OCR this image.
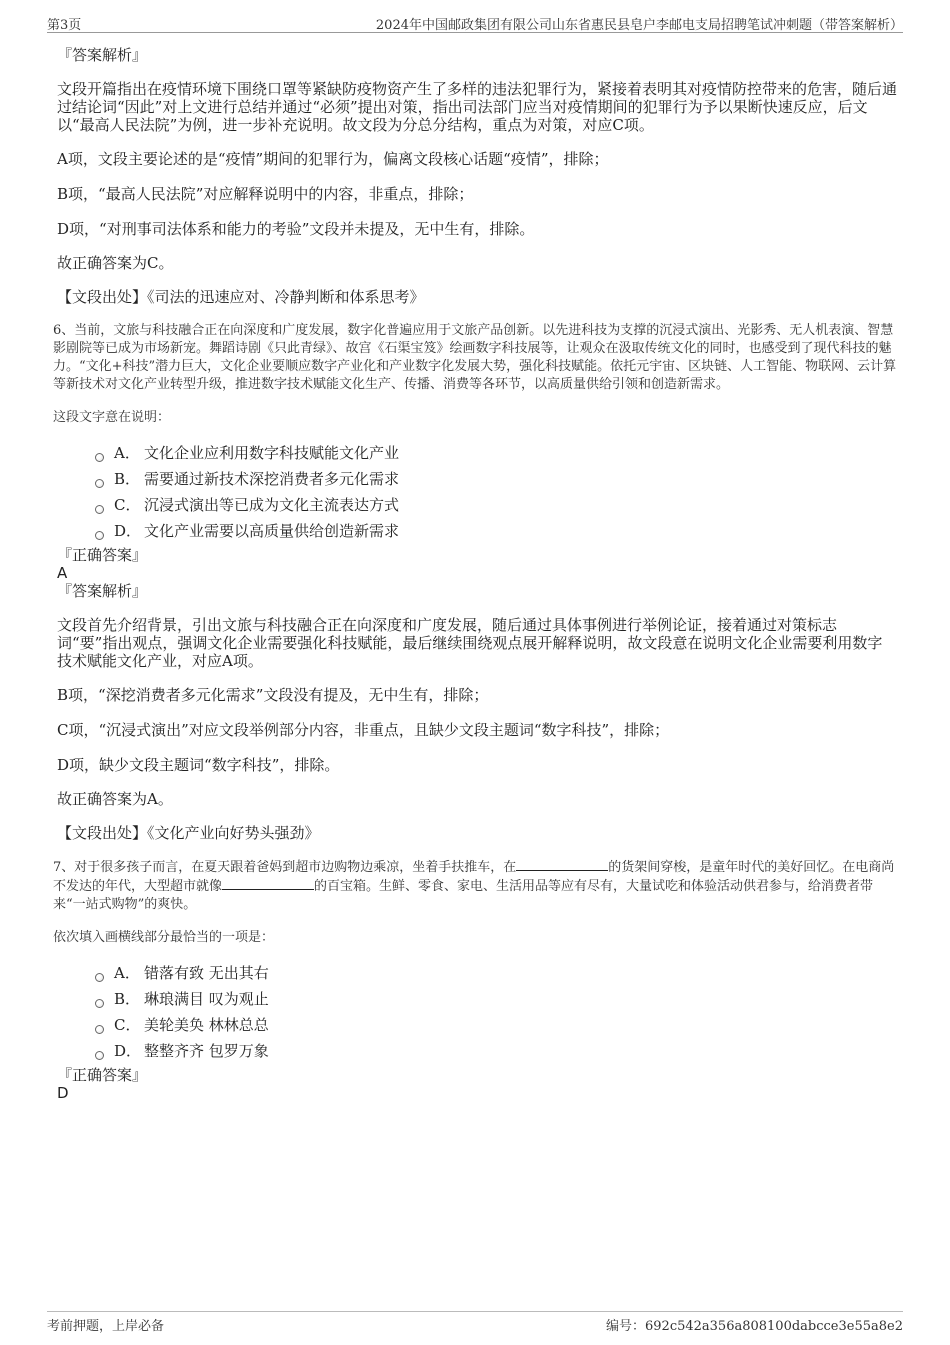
第3页	2024年中国邮政集团有限公司山东省惠民县皂户李邮电支局招聘笔试冲刺题（带答案解析）

『答案解析』

文段开篇指出在疫情环境下围绕口罩等紧缺防疫物资产生了多样的违法犯罪行为，紧接着表明其对疫情防控带来的危害，随后通过结论词“因此”对上文进行总结并通过“必须”提出对策，指出司法部门应当对疫情期间的犯罪行为予以果断快速反应，后文以“最高人民法院”为例，进一步补充说明。故文段为分总分结构，重点为对策，对应C项。

A项，文段主要论述的是“疫情”期间的犯罪行为，偏离文段核心话题“疫情”，排除；

B项，“最高人民法院”对应解释说明中的内容，非重点，排除；

D项，“对刑事司法体系和能力的考验”文段并未提及，无中生有，排除。

故正确答案为C。

【文段出处】《司法的迅速应对、冷静判断和体系思考》

6、当前，文旅与科技融合正在向深度和广度发展，数字化普遍应用于文旅产品创新。以先进科技为支撑的沉浸式演出、光影秀、无人机表演、智慧影剧院等已成为市场新宠。舞蹈诗剧《只此青绿》、故宫《石渠宝笈》绘画数字科技展等，让观众在汲取传统文化的同时，也感受到了现代科技的魅力。“文化+科技”潜力巨大，文化企业要顺应数字产业化和产业数字化发展大势，强化科技赋能。依托元宇宙、区块链、人工智能、物联网、云计算等新技术对文化产业转型升级，推进数字技术赋能文化生产、传播、消费等各环节，以高质量供给引领和创造新需求。

这段文字意在说明：

A． 文化企业应利用数字科技赋能文化产业
B． 需要通过新技术深挖消费者多元化需求
C． 沉浸式演出等已成为文化主流表达方式
D． 文化产业需要以高质量供给创造新需求

『正确答案』

A

『答案解析』

文段首先介绍背景，引出文旅与科技融合正在向深度和广度发展，随后通过具体事例进行举例论证，接着通过对策标志词“要”指出观点，强调文化企业需要强化科技赋能，最后继续围绕观点展开解释说明，故文段意在说明文化企业需要利用数字技术赋能文化产业，对应A项。

B项，“深挖消费者多元化需求”文段没有提及，无中生有，排除；

C项，“沉浸式演出”对应文段举例部分内容，非重点，且缺少文段主题词“数字科技”，排除；

D项，缺少文段主题词“数字科技”，排除。

故正确答案为A。

【文段出处】《文化产业向好势头强劲》

7、对于很多孩子而言，在夏天跟着爸妈到超市边购物边乘凉，坐着手扶推车，在	的货架间穿梭，是童年时代的美好回忆。在电商尚不发达的年代，大型超市就像	的百宝箱。生鲜、零食、家电、生活用品等应有尽有，大量试吃和体验活动供君参与，给消费者带来“一站式购物”的爽快。

依次填入画横线部分最恰当的一项是：

A． 错落有致 无出其右
B． 琳琅满目 叹为观止
C． 美轮美奂 林林总总
D． 整整齐齐 包罗万象

『正确答案』

D

考前押题，上岸必备	编号：692c542a356a808100dabcce3e55a8e2
